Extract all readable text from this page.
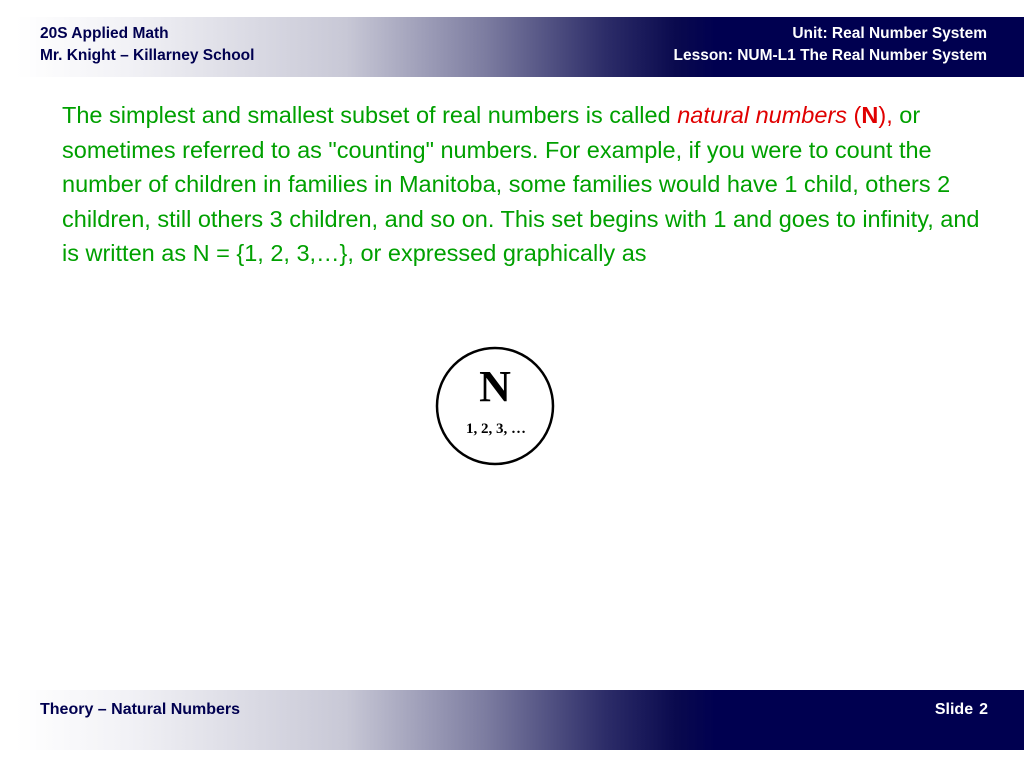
20S Applied Math
Mr. Knight – Killarney School
Unit: Real Number System
Lesson: NUM-L1 The Real Number System
The simplest and smallest subset of real numbers is called natural numbers (N), or sometimes referred to as "counting" numbers. For example, if you were to count the number of children in families in Manitoba, some families would have 1 child, others 2 children, still others 3 children, and so on. This set begins with 1 and goes to infinity, and is written as N = {1, 2, 3,…}, or expressed graphically as
N
1, 2, 3, …
Theory – Natural Numbers	Slide 2
